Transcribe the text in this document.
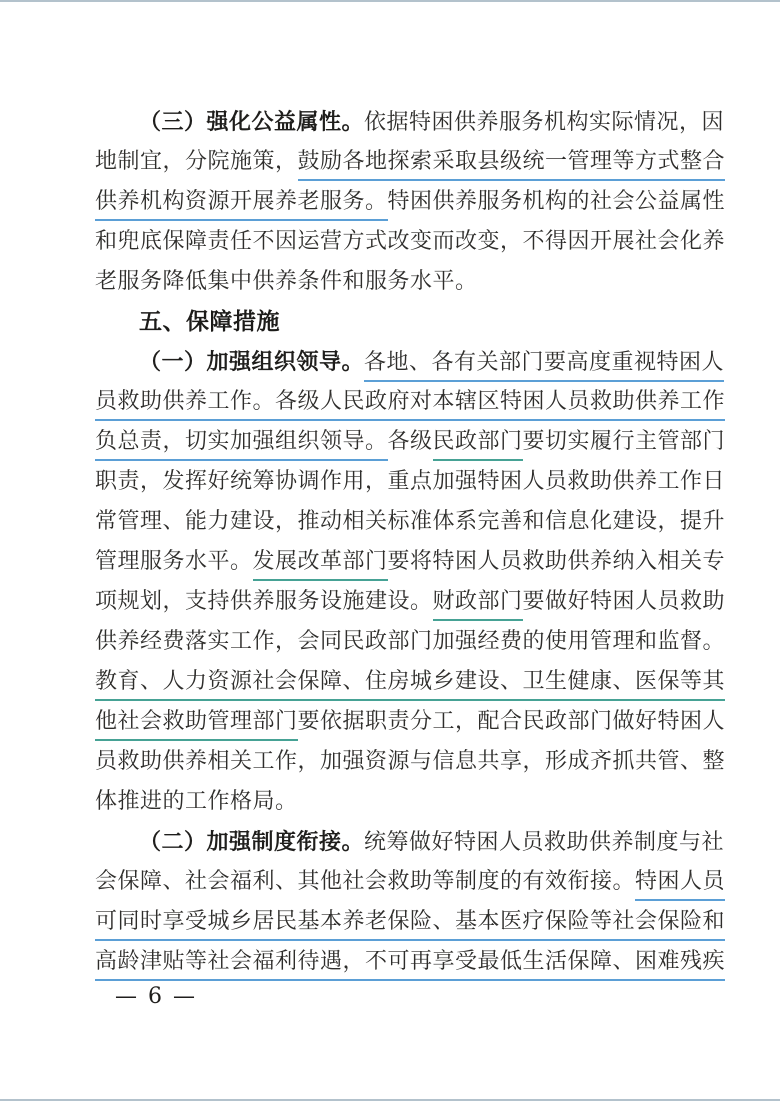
（三）强化公益属性。依据特困供养服务机构实际情况，因
地制宜，分院施策，鼓励各地探索采取县级统一管理等方式整合
供养机构资源开展养老服务。特困供养服务机构的社会公益属性
和兜底保障责任不因运营方式改变而改变，不得因开展社会化养
老服务降低集中供养条件和服务水平。
五、保障措施
（一）加强组织领导。各地、各有关部门要高度重视特困人
员救助供养工作。各级人民政府对本辖区特困人员救助供养工作
负总责，切实加强组织领导。各级民政部门要切实履行主管部门
职责，发挥好统筹协调作用，重点加强特困人员救助供养工作日
常管理、能力建设，推动相关标准体系完善和信息化建设，提升
管理服务水平。发展改革部门要将特困人员救助供养纳入相关专
项规划，支持供养服务设施建设。财政部门要做好特困人员救助
供养经费落实工作，会同民政部门加强经费的使用管理和监督。
教育、人力资源社会保障、住房城乡建设、卫生健康、医保等其
他社会救助管理部门要依据职责分工，配合民政部门做好特困人
员救助供养相关工作，加强资源与信息共享，形成齐抓共管、整
体推进的工作格局。
（二）加强制度衔接。统筹做好特困人员救助供养制度与社
会保障、社会福利、其他社会救助等制度的有效衔接。特困人员
可同时享受城乡居民基本养老保险、基本医疗保险等社会保险和
高龄津贴等社会福利待遇，不可再享受最低生活保障、困难残疾
— 6 —
